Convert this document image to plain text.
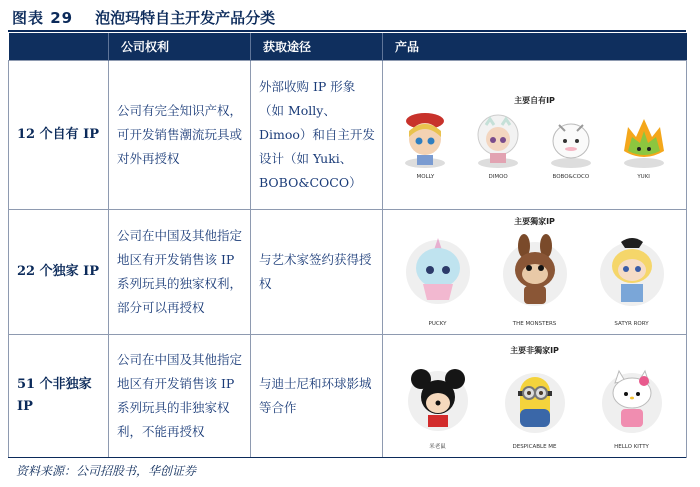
图表 29 泡泡玛特自主开发产品分类
	公司权利	获取途径	产品

12 个自有 IP	公司有完全知识产权，可开发销售潮流玩具或对外再授权	外部收购 IP 形象（如 Molly、Dimoo）和自主开发设计（如 Yuki、BOBO&COCO）	主要自有IP
MOLLY DIMOO BOBO&COCO YUKI

22 个独家 IP	公司在中国及其他指定地区有开发销售该 IP 系列玩具的独家权利，部分可以再授权	与艺术家签约获得授权	主要獨家IP
PUCKY THE MONSTERS SATYR RORY

51 个非独家 IP	公司在中国及其他指定地区有开发销售该 IP 系列玩具的非独家权利，不能再授权	与迪士尼和环球影城等合作	主要非獨家IP
米老鼠 DESPICABLE ME HELLO KITTY
资料来源：公司招股书，华创证券
